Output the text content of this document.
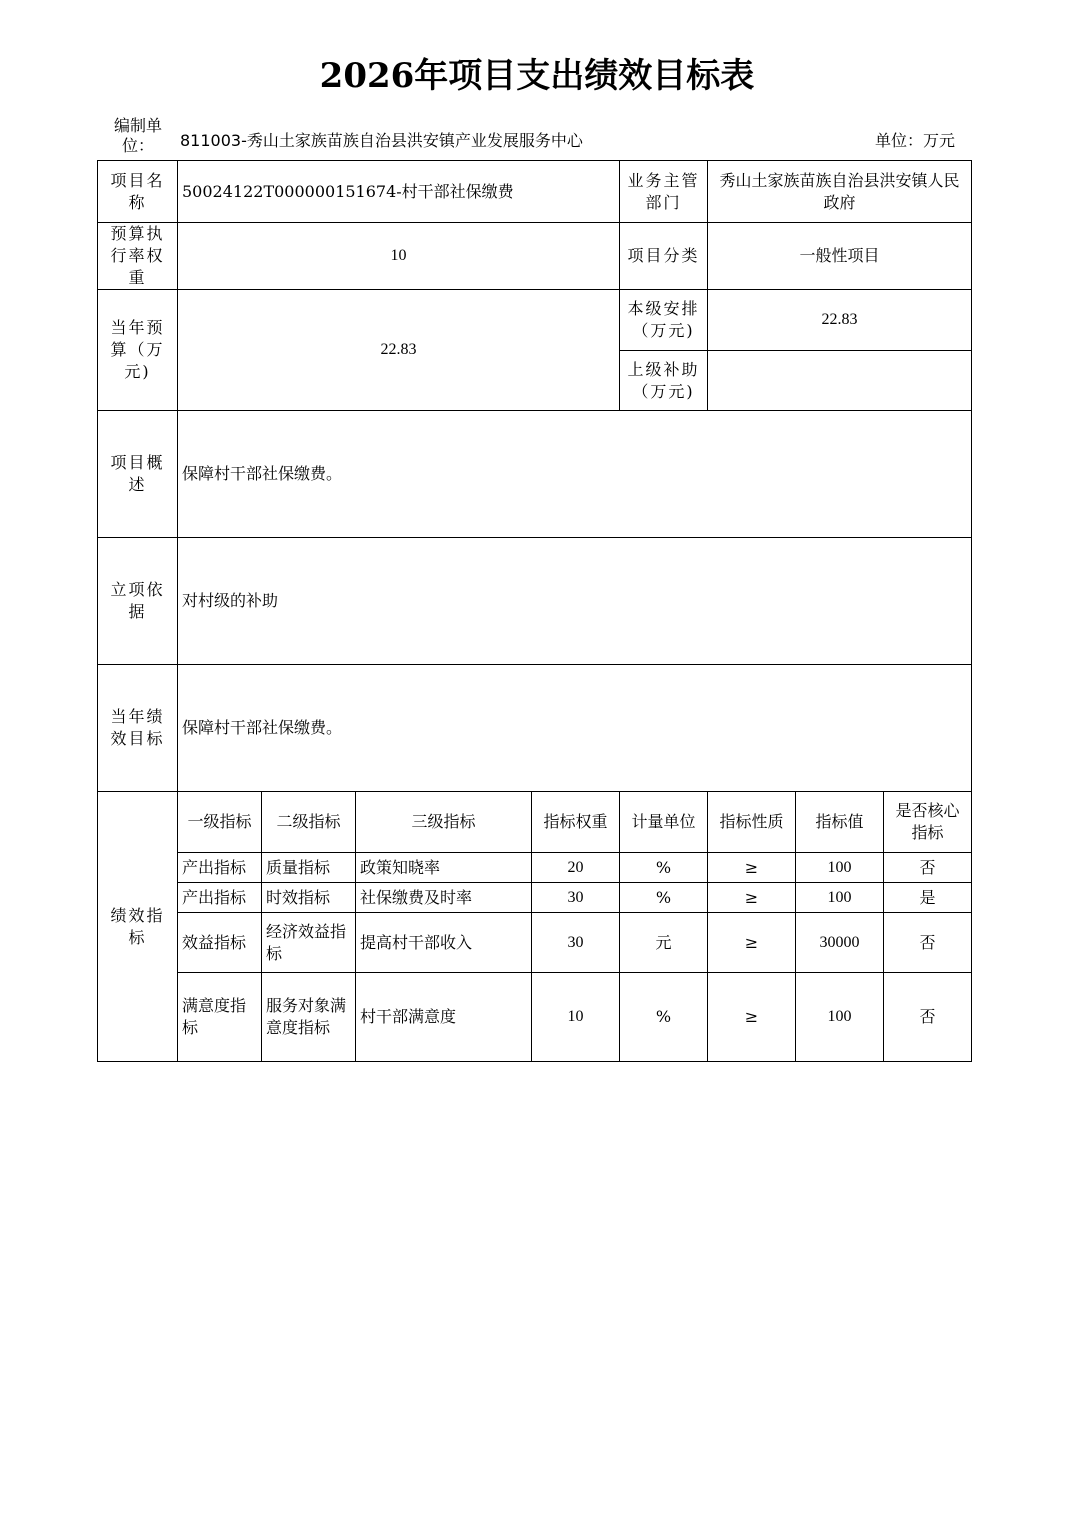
2026年项目支出绩效目标表
编制单位：	811003-秀山土家族苗族自治县洪安镇产业发展服务中心	单位：万元
项目名称	50024122T000000151674-村干部社保缴费				业务主管部门	秀山土家族苗族自治县洪安镇人民政府		
预算执行率权重	10				项目分类	一般性项目		
当年预算（万元)	22.83				本级安排（万元)	22.83		
					上级补助（万元)			
项目概述	保障村干部社保缴费。							
立项依据	对村级的补助							
当年绩效目标	保障村干部社保缴费。							
绩效指标	一级指标	二级指标	三级指标	指标权重	计量单位	指标性质	指标值	是否核心指标
	产出指标	质量指标	政策知晓率	20	%	≥	100	否
	产出指标	时效指标	社保缴费及时率	30	%	≥	100	是
	效益指标	经济效益指标	提高村干部收入	30	元	≥	30000	否
	满意度指标	服务对象满意度指标	村干部满意度	10	%	≥	100	否
